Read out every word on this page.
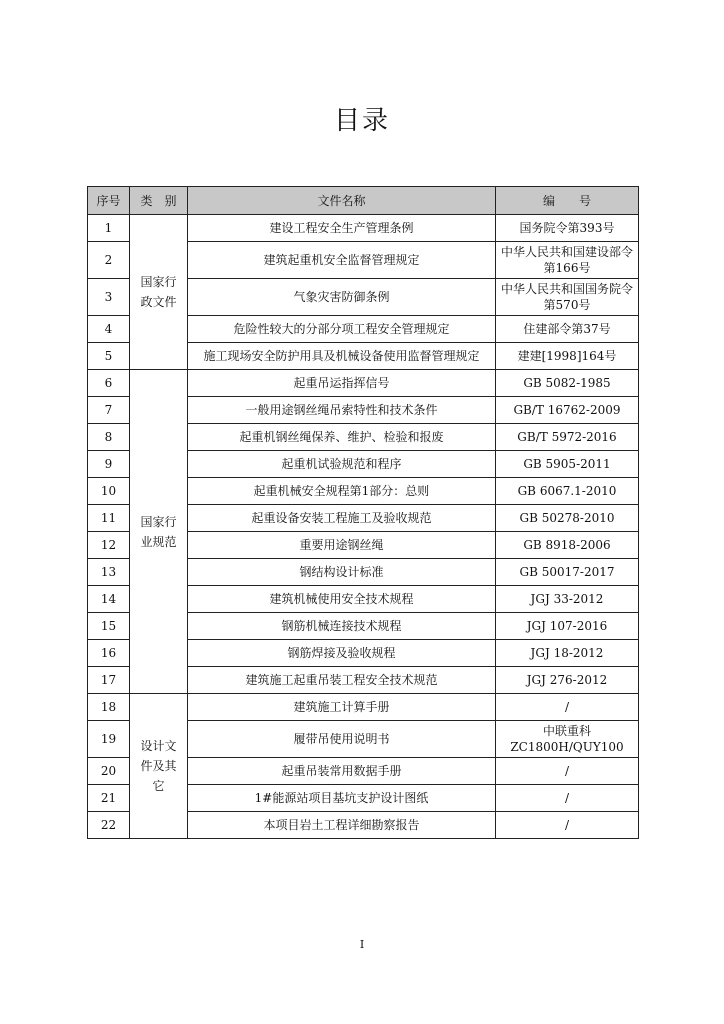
目录
序号	类　别	文件名称	编　　号
1	国家行政文件	建设工程安全生产管理条例	国务院令第393号
2		建筑起重机安全监督管理规定	中华人民共和国建设部令第166号
3		气象灾害防御条例	中华人民共和国国务院令第570号
4		危险性较大的分部分项工程安全管理规定	住建部令第37号
5		施工现场安全防护用具及机械设备使用监督管理规定	建建[1998]164号
6	国家行业规范	起重吊运指挥信号	GB 5082-1985
7		一般用途钢丝绳吊索特性和技术条件	GB/T 16762-2009
8		起重机钢丝绳保养、维护、检验和报废	GB/T 5972-2016
9		起重机试验规范和程序	GB 5905-2011
10		起重机械安全规程第1部分：总则	GB 6067.1-2010
11		起重设备安装工程施工及验收规范	GB 50278-2010
12		重要用途钢丝绳	GB 8918-2006
13		钢结构设计标准	GB 50017-2017
14		建筑机械使用安全技术规程	JGJ 33-2012
15		钢筋机械连接技术规程	JGJ 107-2016
16		钢筋焊接及验收规程	JGJ 18-2012
17		建筑施工起重吊装工程安全技术规范	JGJ 276-2012
18	设计文件及其它	建筑施工计算手册	/
19		履带吊使用说明书	中联重科ZC1800H/QUY100
20		起重吊装常用数据手册	/
21		1#能源站项目基坑支护设计图纸	/
22		本项目岩土工程详细勘察报告	/
I
